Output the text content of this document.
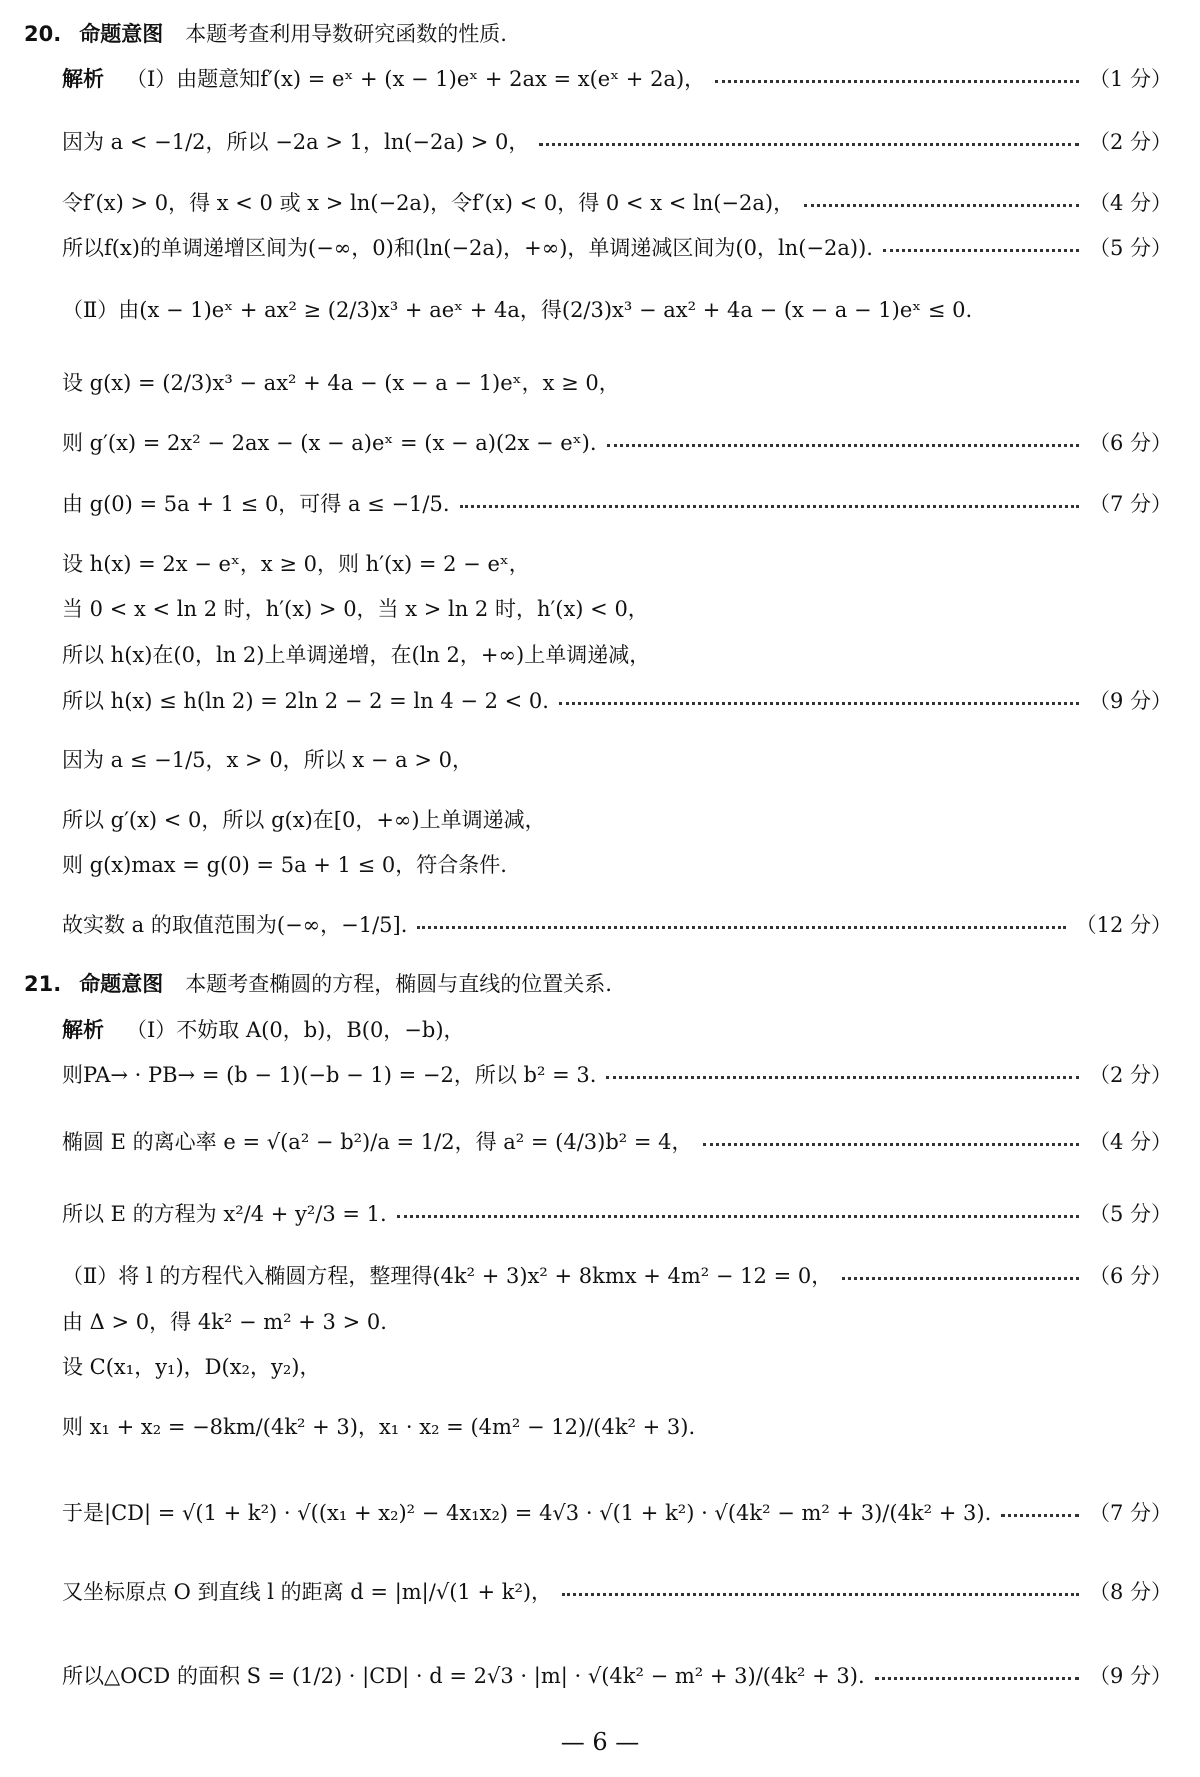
20. 命题意图 本题考查利用导数研究函数的性质.
解析 （Ⅰ）由题意知f′(x) = eˣ + (x − 1)eˣ + 2ax = x(eˣ + 2a)，	（1 分）
因为 a < −1/2，所以 −2a > 1，ln(−2a) > 0，	（2 分）
令f′(x) > 0，得 x < 0 或 x > ln(−2a)，令f′(x) < 0，得 0 < x < ln(−2a)，	（4 分）
所以f(x)的单调递增区间为(−∞，0)和(ln(−2a)，+∞)，单调递减区间为(0，ln(−2a)).	（5 分）
（Ⅱ）由(x − 1)eˣ + ax² ≥ (2/3)x³ + aeˣ + 4a，得(2/3)x³ − ax² + 4a − (x − a − 1)eˣ ≤ 0.
设 g(x) = (2/3)x³ − ax² + 4a − (x − a − 1)eˣ，x ≥ 0，
则 g′(x) = 2x² − 2ax − (x − a)eˣ = (x − a)(2x − eˣ).	（6 分）
由 g(0) = 5a + 1 ≤ 0，可得 a ≤ −1/5.	（7 分）
设 h(x) = 2x − eˣ，x ≥ 0，则 h′(x) = 2 − eˣ，
当 0 < x < ln 2 时，h′(x) > 0，当 x > ln 2 时，h′(x) < 0，
所以 h(x)在(0，ln 2)上单调递增，在(ln 2，+∞)上单调递减，
所以 h(x) ≤ h(ln 2) = 2ln 2 − 2 = ln 4 − 2 < 0.	（9 分）
因为 a ≤ −1/5，x > 0，所以 x − a > 0，
所以 g′(x) < 0，所以 g(x)在[0，+∞)上单调递减，
则 g(x)max = g(0) = 5a + 1 ≤ 0，符合条件.
故实数 a 的取值范围为(−∞，−1/5].	（12 分）
21. 命题意图 本题考查椭圆的方程，椭圆与直线的位置关系.
解析 （Ⅰ）不妨取 A(0，b)，B(0，−b)，
则PA→ · PB→ = (b − 1)(−b − 1) = −2，所以 b² = 3.	（2 分）
椭圆 E 的离心率 e = √(a² − b²)/a = 1/2，得 a² = (4/3)b² = 4，	（4 分）
所以 E 的方程为 x²/4 + y²/3 = 1.	（5 分）
（Ⅱ）将 l 的方程代入椭圆方程，整理得(4k² + 3)x² + 8kmx + 4m² − 12 = 0，	（6 分）
由 Δ > 0，得 4k² − m² + 3 > 0.
设 C(x₁，y₁)，D(x₂，y₂)，
则 x₁ + x₂ = −8km/(4k² + 3)，x₁ · x₂ = (4m² − 12)/(4k² + 3).
于是|CD| = √(1 + k²) · √((x₁ + x₂)² − 4x₁x₂) = 4√3 · √(1 + k²) · √(4k² − m² + 3)/(4k² + 3).	（7 分）
又坐标原点 O 到直线 l 的距离 d = |m|/√(1 + k²)，	（8 分）
所以△OCD 的面积 S = (1/2) · |CD| · d = 2√3 · |m| · √(4k² − m² + 3)/(4k² + 3).	（9 分）
— 6 —
